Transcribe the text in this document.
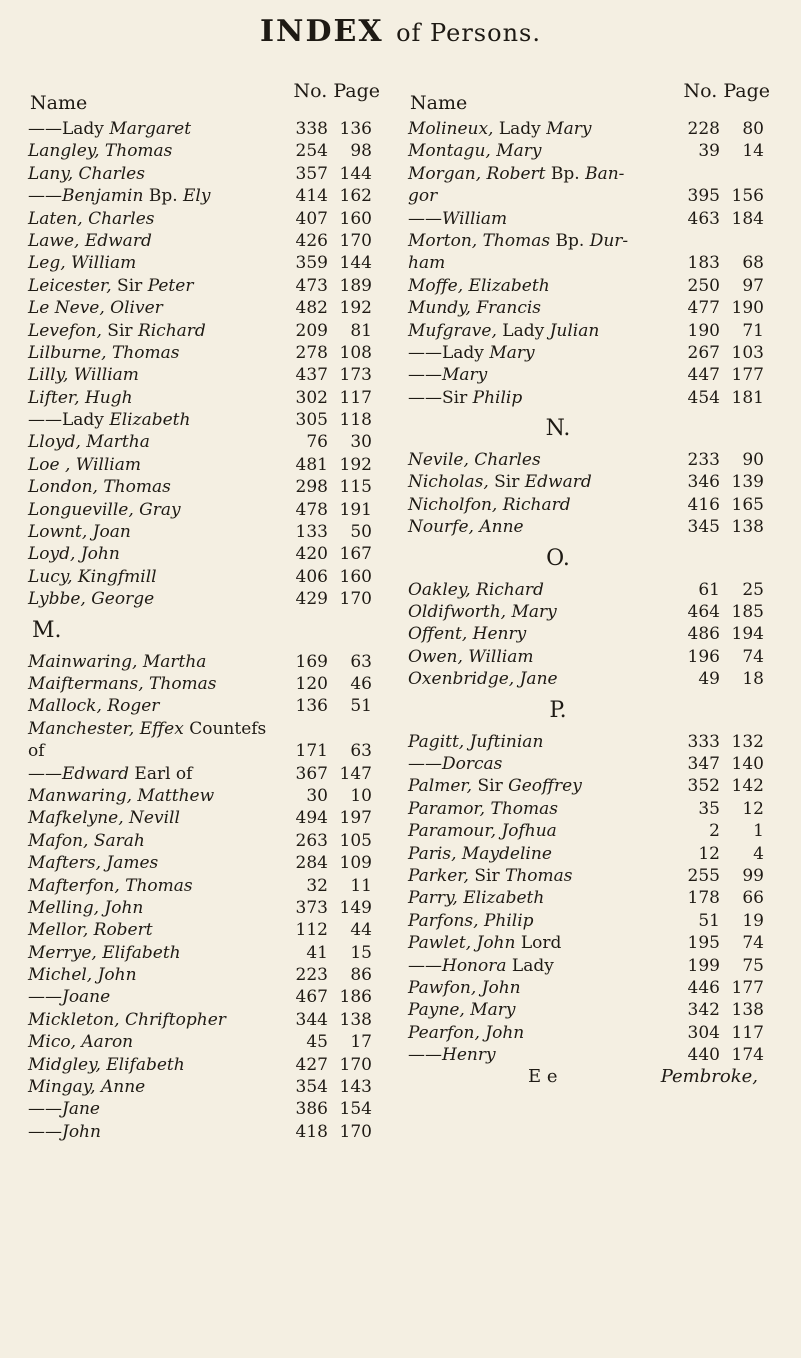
INDEX of Persons.
Name
No. Page
——Lady Margaret	338 136
Langley, Thomas	254	98
Lany, Charles	357 144
——Benjamin Bp. Ely	414 162
Laten, Charles	407 160
Lawe, Edward	426 170
Leg, William	359 144
Leicester, Sir Peter	473 189
Le Neve, Oliver	482 192
Levefon, Sir Richard	209	81
Lilburne, Thomas	278 108
Lilly, William	437 173
Lifter, Hugh	302 117
——Lady Elizabeth	305 118
Lloyd, Martha	76	30
Loe , William	481 192
London, Thomas	298 115
Longueville, Gray	478 191
Lownt, Joan	133	50
Loyd, John	420 167
Lucy, Kingfmill	406 160
Lybbe, George	429 170
M.
Mainwaring, Martha	169	63
Maiftermans, Thomas	120	46
Mallock, Roger	136	51
Manchester, Effex Countefs
of	171	63
——Edward Earl of	367 147
Manwaring, Matthew	30	10
Mafkelyne, Nevill	494 197
Mafon, Sarah	263 105
Mafters, James	284 109
Mafterfon, Thomas	32	11
Melling, John	373 149
Mellor, Robert	112	44
Merrye, Elifabeth	41	15
Michel, John	223	86
——Joane	467 186
Mickleton, Chriftopher	344 138
Mico, Aaron	45	17
Midgley, Elifabeth	427 170
Mingay, Anne	354 143
——Jane	386 154
——John	418 170
Name
No. Page
Molineux, Lady Mary	228	80
Montagu, Mary	39	14
Morgan, Robert Bp. Ban-
gor	395 156
——William	463 184
Morton, Thomas Bp. Dur-
ham	183	68
Moffe, Elizabeth	250	97
Mundy, Francis	477 190
Mufgrave, Lady Julian	190	71
——Lady Mary	267 103
——Mary	447 177
——Sir Philip	454 181
N.
Nevile, Charles	233	90
Nicholas, Sir Edward	346 139
Nicholfon, Richard	416 165
Nourfe, Anne	345 138
O.
Oakley, Richard	61	25
Oldifworth, Mary	464 185
Offent, Henry	486 194
Owen, William	196	74
Oxenbridge, Jane	49	18
P.
Pagitt, Juftinian	333 132
——Dorcas	347 140
Palmer, Sir Geoffrey	352 142
Paramor, Thomas	35	12
Paramour, Jofhua	2	1
Paris, Maydeline	12	4
Parker, Sir Thomas	255	99
Parry, Elizabeth	178	66
Parfons, Philip	51	19
Pawlet, John Lord	195	74
——Honora Lady	199	75
Pawfon, John	446 177
Payne, Mary	342 138
Pearfon, John	304 117
——Henry	440 174
E e	Pembroke,
